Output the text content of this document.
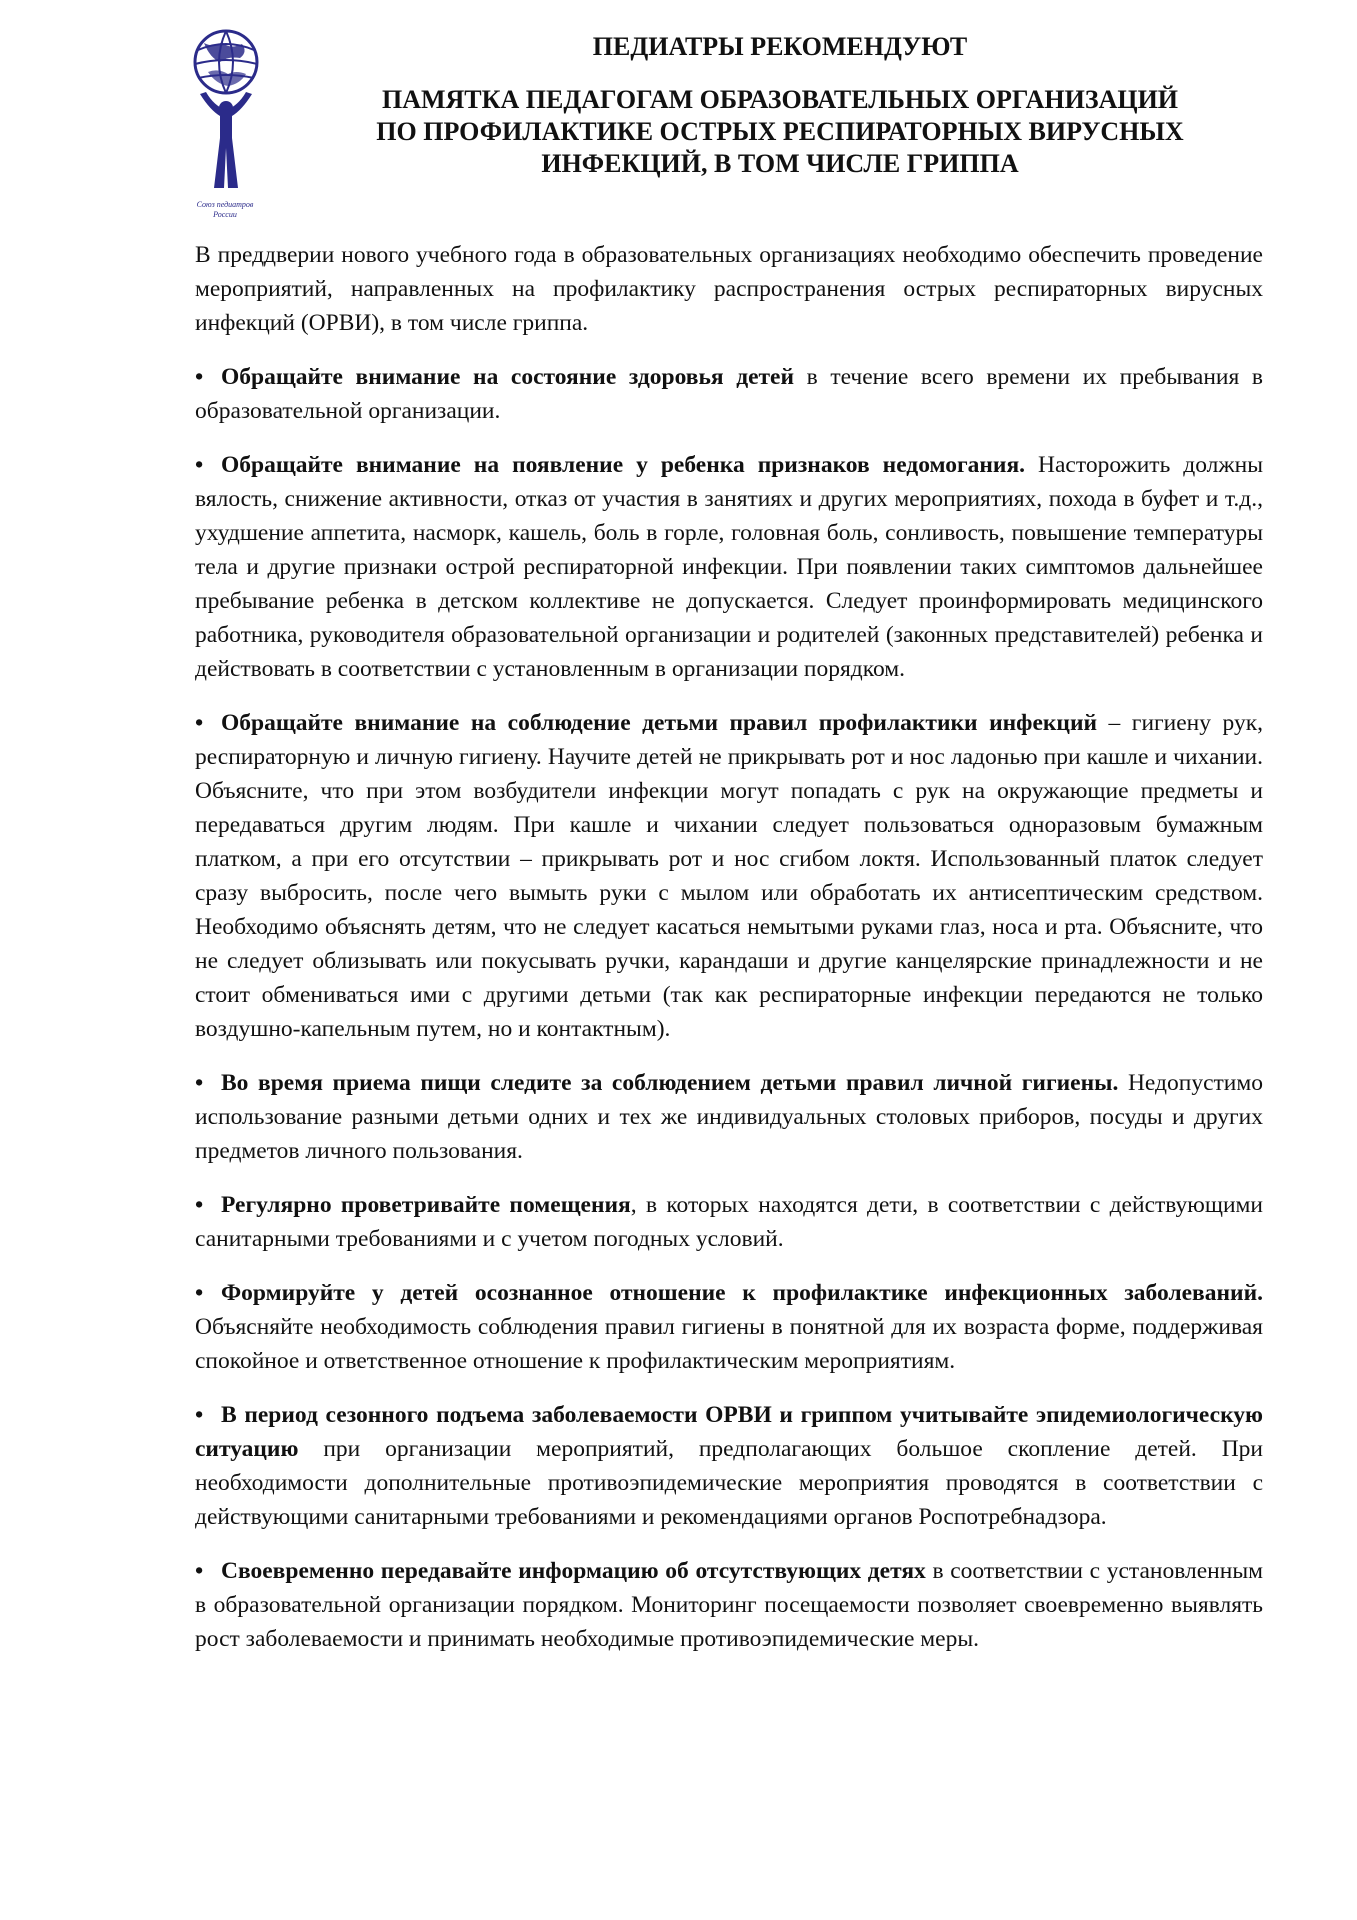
Союз педиатров России
ПЕДИАТРЫ РЕКОМЕНДУЮТ
ПАМЯТКА ПЕДАГОГАМ ОБРАЗОВАТЕЛЬНЫХ ОРГАНИЗАЦИЙ
ПО ПРОФИЛАКТИКЕ ОСТРЫХ РЕСПИРАТОРНЫХ ВИРУСНЫХ
ИНФЕКЦИЙ, В ТОМ ЧИСЛЕ ГРИППА

В преддверии нового учебного года в образовательных организациях необходимо обеспечить проведение мероприятий, направленных на профилактику распространения острых респираторных вирусных инфекций (ОРВИ), в том числе гриппа.

• Обращайте внимание на состояние здоровья детей в течение всего времени их пребывания в образовательной организации.

• Обращайте внимание на появление у ребенка признаков недомогания. Насторожить должны вялость, снижение активности, отказ от участия в занятиях и других мероприятиях, похода в буфет и т.д., ухудшение аппетита, насморк, кашель, боль в горле, головная боль, сонливость, повышение температуры тела и другие признаки острой респираторной инфекции. При появлении таких симптомов дальнейшее пребывание ребенка в детском коллективе не допускается. Следует проинформировать медицинского работника, руководителя образовательной организации и родителей (законных представителей) ребенка и действовать в соответствии с установленным в организации порядком.

• Обращайте внимание на соблюдение детьми правил профилактики инфекций – гигиену рук, респираторную и личную гигиену. Научите детей не прикрывать рот и нос ладонью при кашле и чихании. Объясните, что при этом возбудители инфекции могут попадать с рук на окружающие предметы и передаваться другим людям. При кашле и чихании следует пользоваться одноразовым бумажным платком, а при его отсутствии – прикрывать рот и нос сгибом локтя. Использованный платок следует сразу выбросить, после чего вымыть руки с мылом или обработать их антисептическим средством. Необходимо объяснять детям, что не следует касаться немытыми руками глаз, носа и рта. Объясните, что не следует облизывать или покусывать ручки, карандаши и другие канцелярские принадлежности и не стоит обмениваться ими с другими детьми (так как респираторные инфекции передаются не только воздушно-капельным путем, но и контактным).

• Во время приема пищи следите за соблюдением детьми правил личной гигиены. Недопустимо использование разными детьми одних и тех же индивидуальных столовых приборов, посуды и других предметов личного пользования.

• Регулярно проветривайте помещения, в которых находятся дети, в соответствии с действующими санитарными требованиями и с учетом погодных условий.

• Формируйте у детей осознанное отношение к профилактике инфекционных заболеваний. Объясняйте необходимость соблюдения правил гигиены в понятной для их возраста форме, поддерживая спокойное и ответственное отношение к профилактическим мероприятиям.

• В период сезонного подъема заболеваемости ОРВИ и гриппом учитывайте эпидемиологическую ситуацию при организации мероприятий, предполагающих большое скопление детей. При необходимости дополнительные противоэпидемические мероприятия проводятся в соответствии с действующими санитарными требованиями и рекомендациями органов Роспотребнадзора.

• Своевременно передавайте информацию об отсутствующих детях в соответствии с установленным в образовательной организации порядком. Мониторинг посещаемости позволяет своевременно выявлять рост заболеваемости и принимать необходимые противоэпидемические меры.
